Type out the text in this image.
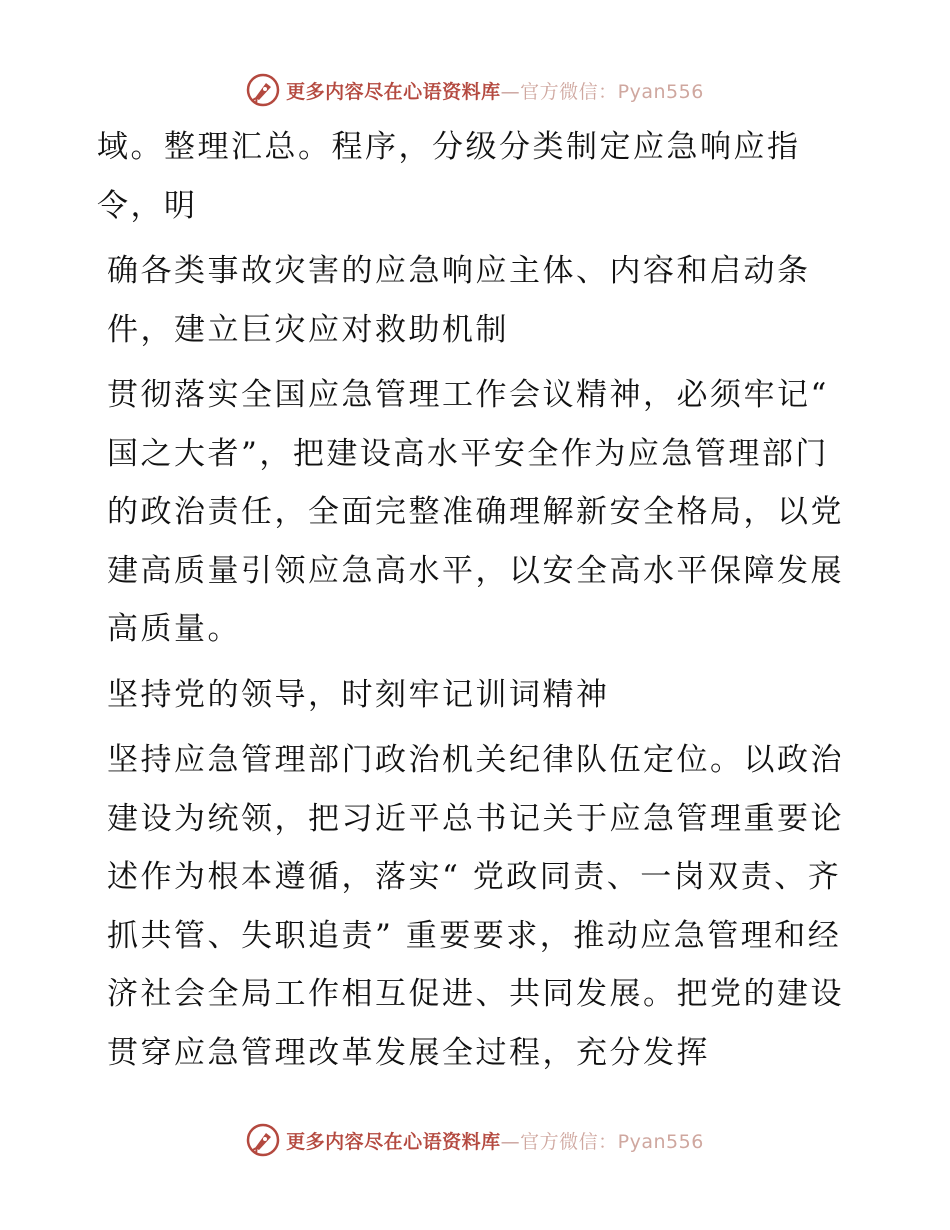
更多内容尽在心语资料库—官方微信：Pyan556

域。整理汇总。程序，分级分类制定应急响应指令，明

确各类事故灾害的应急响应主体、内容和启动条件，建立巨灾应对救助机制

贯彻落实全国应急管理工作会议精神，必须牢记“ 国之大者”，把建设高水平安全作为应急管理部门的政治责任，全面完整准确理解新安全格局，以党建高质量引领应急高水平，以安全高水平保障发展高质量。

坚持党的领导，时刻牢记训词精神

坚持应急管理部门政治机关纪律队伍定位。以政治建设为统领，把习近平总书记关于应急管理重要论述作为根本遵循，落实“ 党政同责、一岗双责、齐抓共管、失职追责” 重要要求，推动应急管理和经济社会全局工作相互促进、共同发展。把党的建设贯穿应急管理改革发展全过程，充分发挥

更多内容尽在心语资料库—官方微信：Pyan556
